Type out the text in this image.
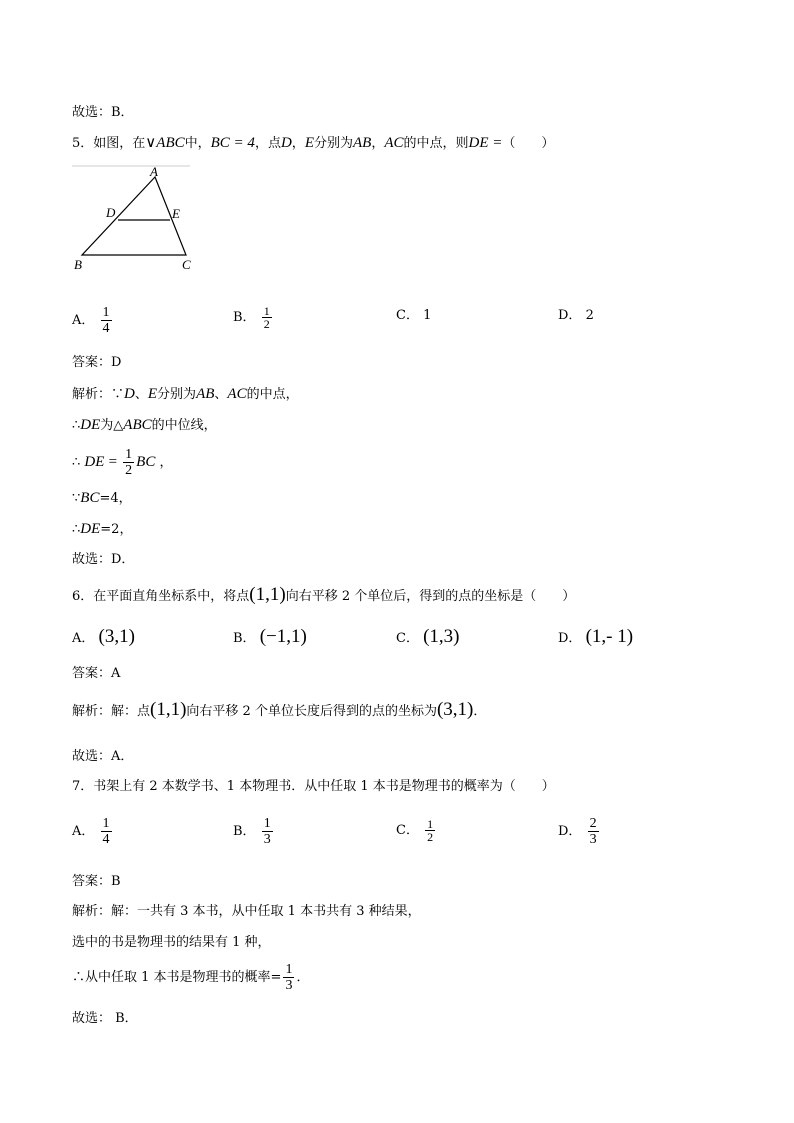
故选：B．
5．如图，在∨ABC中，BC = 4，点D，E分别为AB，AC的中点，则DE =（　　）
A
D	E
B	C
A． $\frac{1}{4}$	B． $\frac{1}{2}$	C． 1	D． 2
答案：D
解析：∵D、E分别为AB、AC的中点，
∴DE为△ABC的中位线，
∴ DE = $\frac{1}{2}$ BC ，
∵BC=4，
∴DE=2，
故选：D．
6．在平面直角坐标系中，将点(1,1)向右平移 2 个单位后，得到的点的坐标是（　　）
A． (3,1)	B． (−1,1)	C． (1,3)	D． (1,- 1)
答案：A
解析：解：点(1,1)向右平移 2 个单位长度后得到的点的坐标为(3,1)．
故选：A．
7．书架上有 2 本数学书、1 本物理书．从中任取 1 本书是物理书的概率为（　　）
A． $\frac{1}{4}$	B． $\frac{1}{3}$	C． $\frac{1}{2}$	D． $\frac{2}{3}$
答案：B
解析：解：一共有 3 本书，从中任取 1 本书共有 3 种结果，
选中的书是物理书的结果有 1 种，
∴从中任取 1 本书是物理书的概率= $\frac{1}{3}$ ．
故选： B．
